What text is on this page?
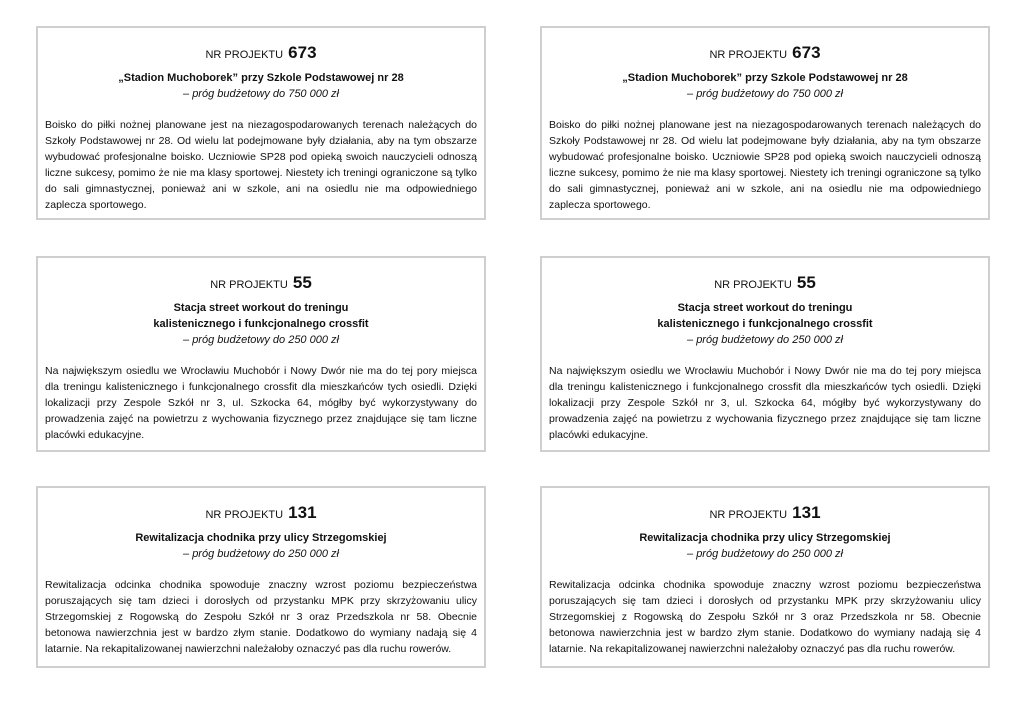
NR PROJEKTU 673

„Stadion Muchoborek” przy Szkole Podstawowej nr 28

– próg budżetowy do 750 000 zł

Boisko do piłki nożnej planowane jest na niezagospodarowanych terenach należących do Szkoły Podstawowej nr 28. Od wielu lat podejmowane były działania, aby na tym obszarze wybudować profesjonalne boisko. Uczniowie SP28 pod opieką swoich nauczycieli odnoszą liczne sukcesy, pomimo że nie ma klasy sportowej. Niestety ich treningi ograniczone są tylko do sali gimnastycznej, ponieważ ani w szkole, ani na osiedlu nie ma odpowiedniego zaplecza sportowego.

NR PROJEKTU 673

„Stadion Muchoborek” przy Szkole Podstawowej nr 28

– próg budżetowy do 750 000 zł

Boisko do piłki nożnej planowane jest na niezagospodarowanych terenach należących do Szkoły Podstawowej nr 28. Od wielu lat podejmowane były działania, aby na tym obszarze wybudować profesjonalne boisko. Uczniowie SP28 pod opieką swoich nauczycieli odnoszą liczne sukcesy, pomimo że nie ma klasy sportowej. Niestety ich treningi ograniczone są tylko do sali gimnastycznej, ponieważ ani w szkole, ani na osiedlu nie ma odpowiedniego zaplecza sportowego.

NR PROJEKTU 55

Stacja street workout do treningu
kalistenicznego i funkcjonalnego crossfit

– próg budżetowy do 250 000 zł

Na największym osiedlu we Wrocławiu Muchobór i Nowy Dwór nie ma do tej pory miejsca dla treningu kalistenicznego i funkcjonalnego crossfit dla mieszkańców tych osiedli. Dzięki lokalizacji przy Zespole Szkół nr 3, ul. Szkocka 64, mógłby być wykorzystywany do prowadzenia zajęć na powietrzu z wychowania fizycznego przez znajdujące się tam liczne placówki edukacyjne.

NR PROJEKTU 55

Stacja street workout do treningu
kalistenicznego i funkcjonalnego crossfit

– próg budżetowy do 250 000 zł

Na największym osiedlu we Wrocławiu Muchobór i Nowy Dwór nie ma do tej pory miejsca dla treningu kalistenicznego i funkcjonalnego crossfit dla mieszkańców tych osiedli. Dzięki lokalizacji przy Zespole Szkół nr 3, ul. Szkocka 64, mógłby być wykorzystywany do prowadzenia zajęć na powietrzu z wychowania fizycznego przez znajdujące się tam liczne placówki edukacyjne.

NR PROJEKTU 131

Rewitalizacja chodnika przy ulicy Strzegomskiej

– próg budżetowy do 250 000 zł

Rewitalizacja odcinka chodnika spowoduje znaczny wzrost poziomu bezpieczeństwa poruszających się tam dzieci i dorosłych od przystanku MPK przy skrzyżowaniu ulicy Strzegomskiej z Rogowską do Zespołu Szkół nr 3 oraz Przedszkola nr 58. Obecnie betonowa nawierzchnia jest w bardzo złym stanie. Dodatkowo do wymiany nadają się 4 latarnie. Na rekapitalizowanej nawierzchni należałoby oznaczyć pas dla ruchu rowerów.

NR PROJEKTU 131

Rewitalizacja chodnika przy ulicy Strzegomskiej

– próg budżetowy do 250 000 zł

Rewitalizacja odcinka chodnika spowoduje znaczny wzrost poziomu bezpieczeństwa poruszających się tam dzieci i dorosłych od przystanku MPK przy skrzyżowaniu ulicy Strzegomskiej z Rogowską do Zespołu Szkół nr 3 oraz Przedszkola nr 58. Obecnie betonowa nawierzchnia jest w bardzo złym stanie. Dodatkowo do wymiany nadają się 4 latarnie. Na rekapitalizowanej nawierzchni należałoby oznaczyć pas dla ruchu rowerów.
